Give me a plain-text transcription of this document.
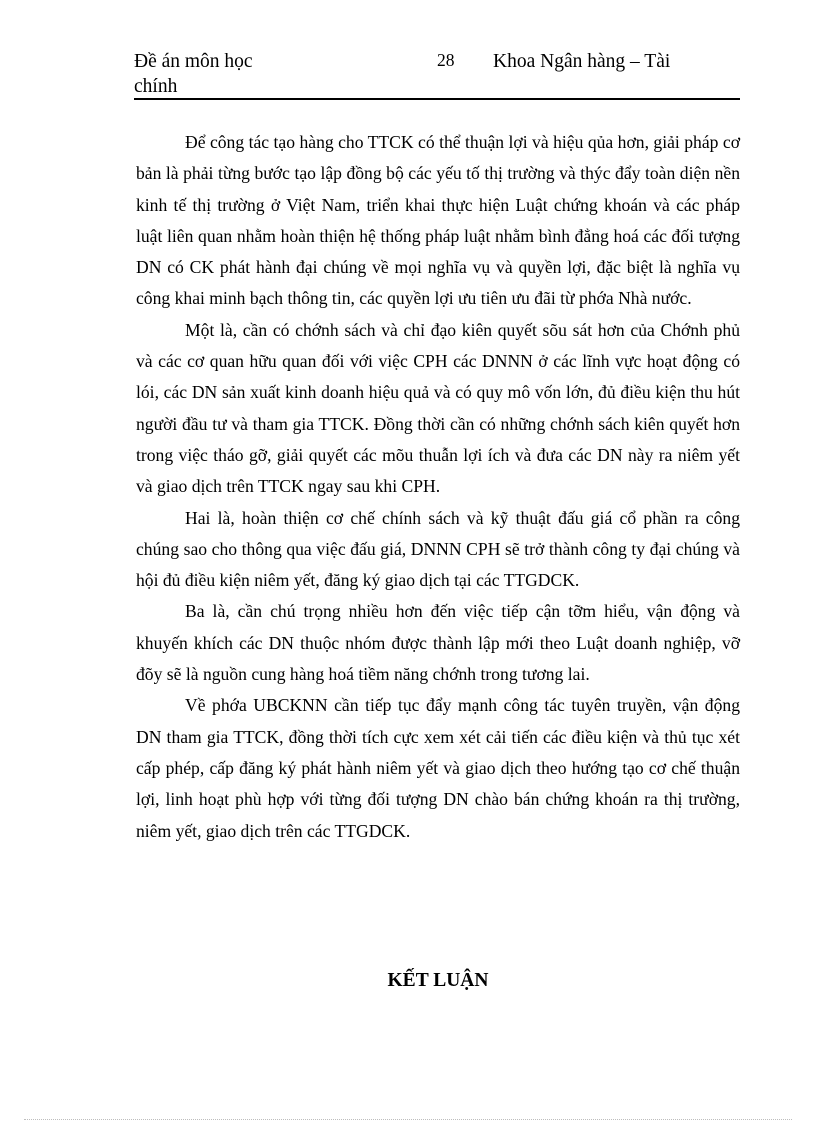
Đề án môn học chính
28 Khoa Ngân hàng – Tài

Để công tác tạo hàng cho TTCK có thể thuận lợi và hiệu qủa hơn, giải pháp cơ bản là phải từng bước tạo lập đồng bộ các yếu tố thị trường và thýc đẩy toàn diện nền kinh tế thị trường ở Việt Nam, triển khai thực hiện Luật chứng khoán và các pháp luật liên quan nhằm hoàn thiện hệ thống pháp luật nhằm bình đẳng hoá các đối tượng DN có CK phát hành đại chúng về mọi nghĩa vụ và quyền lợi, đặc biệt là nghĩa vụ công khai minh bạch thông tin, các quyền lợi ưu tiên ưu đãi từ phớa Nhà nước.

Một là, cần có chớnh sách và chỉ đạo kiên quyết sõu sát hơn của Chớnh phủ và các cơ quan hữu quan đối với việc CPH các DNNN ở các lĩnh vực hoạt động có lói, các DN sản xuất kinh doanh hiệu quả và có quy mô vốn lớn, đủ điều kiện thu hút người đầu tư và tham gia TTCK. Đồng thời cần có những chớnh sách kiên quyết hơn trong việc tháo gỡ, giải quyết các mõu thuẫn lợi ích và đưa các DN này ra niêm yết và giao dịch trên TTCK ngay sau khi CPH.

Hai là, hoàn thiện cơ chế chính sách và kỹ thuật đấu giá cổ phần ra công chúng sao cho thông qua việc đấu giá, DNNN CPH sẽ trở thành công ty đại chúng và hội đủ điều kiện niêm yết, đăng ký giao dịch tại các TTGDCK.

Ba là, cần chú trọng nhiều hơn đến việc tiếp cận tỡm hiểu, vận động và khuyến khích các DN thuộc nhóm được thành lập mới theo Luật doanh nghiệp, vỡ đõy sẽ là nguồn cung hàng hoá tiềm năng chớnh trong tương lai.

Về phớa UBCKNN cần tiếp tục đẩy mạnh công tác tuyên truyền, vận động DN tham gia TTCK, đồng thời tích cực xem xét cải tiến các điều kiện và thủ tục xét cấp phép, cấp đăng ký phát hành niêm yết và giao dịch theo hướng tạo cơ chế thuận lợi, linh hoạt phù hợp với từng đối tượng DN chào bán chứng khoán ra thị trường, niêm yết, giao dịch trên các TTGDCK.

KẾT LUẬN
